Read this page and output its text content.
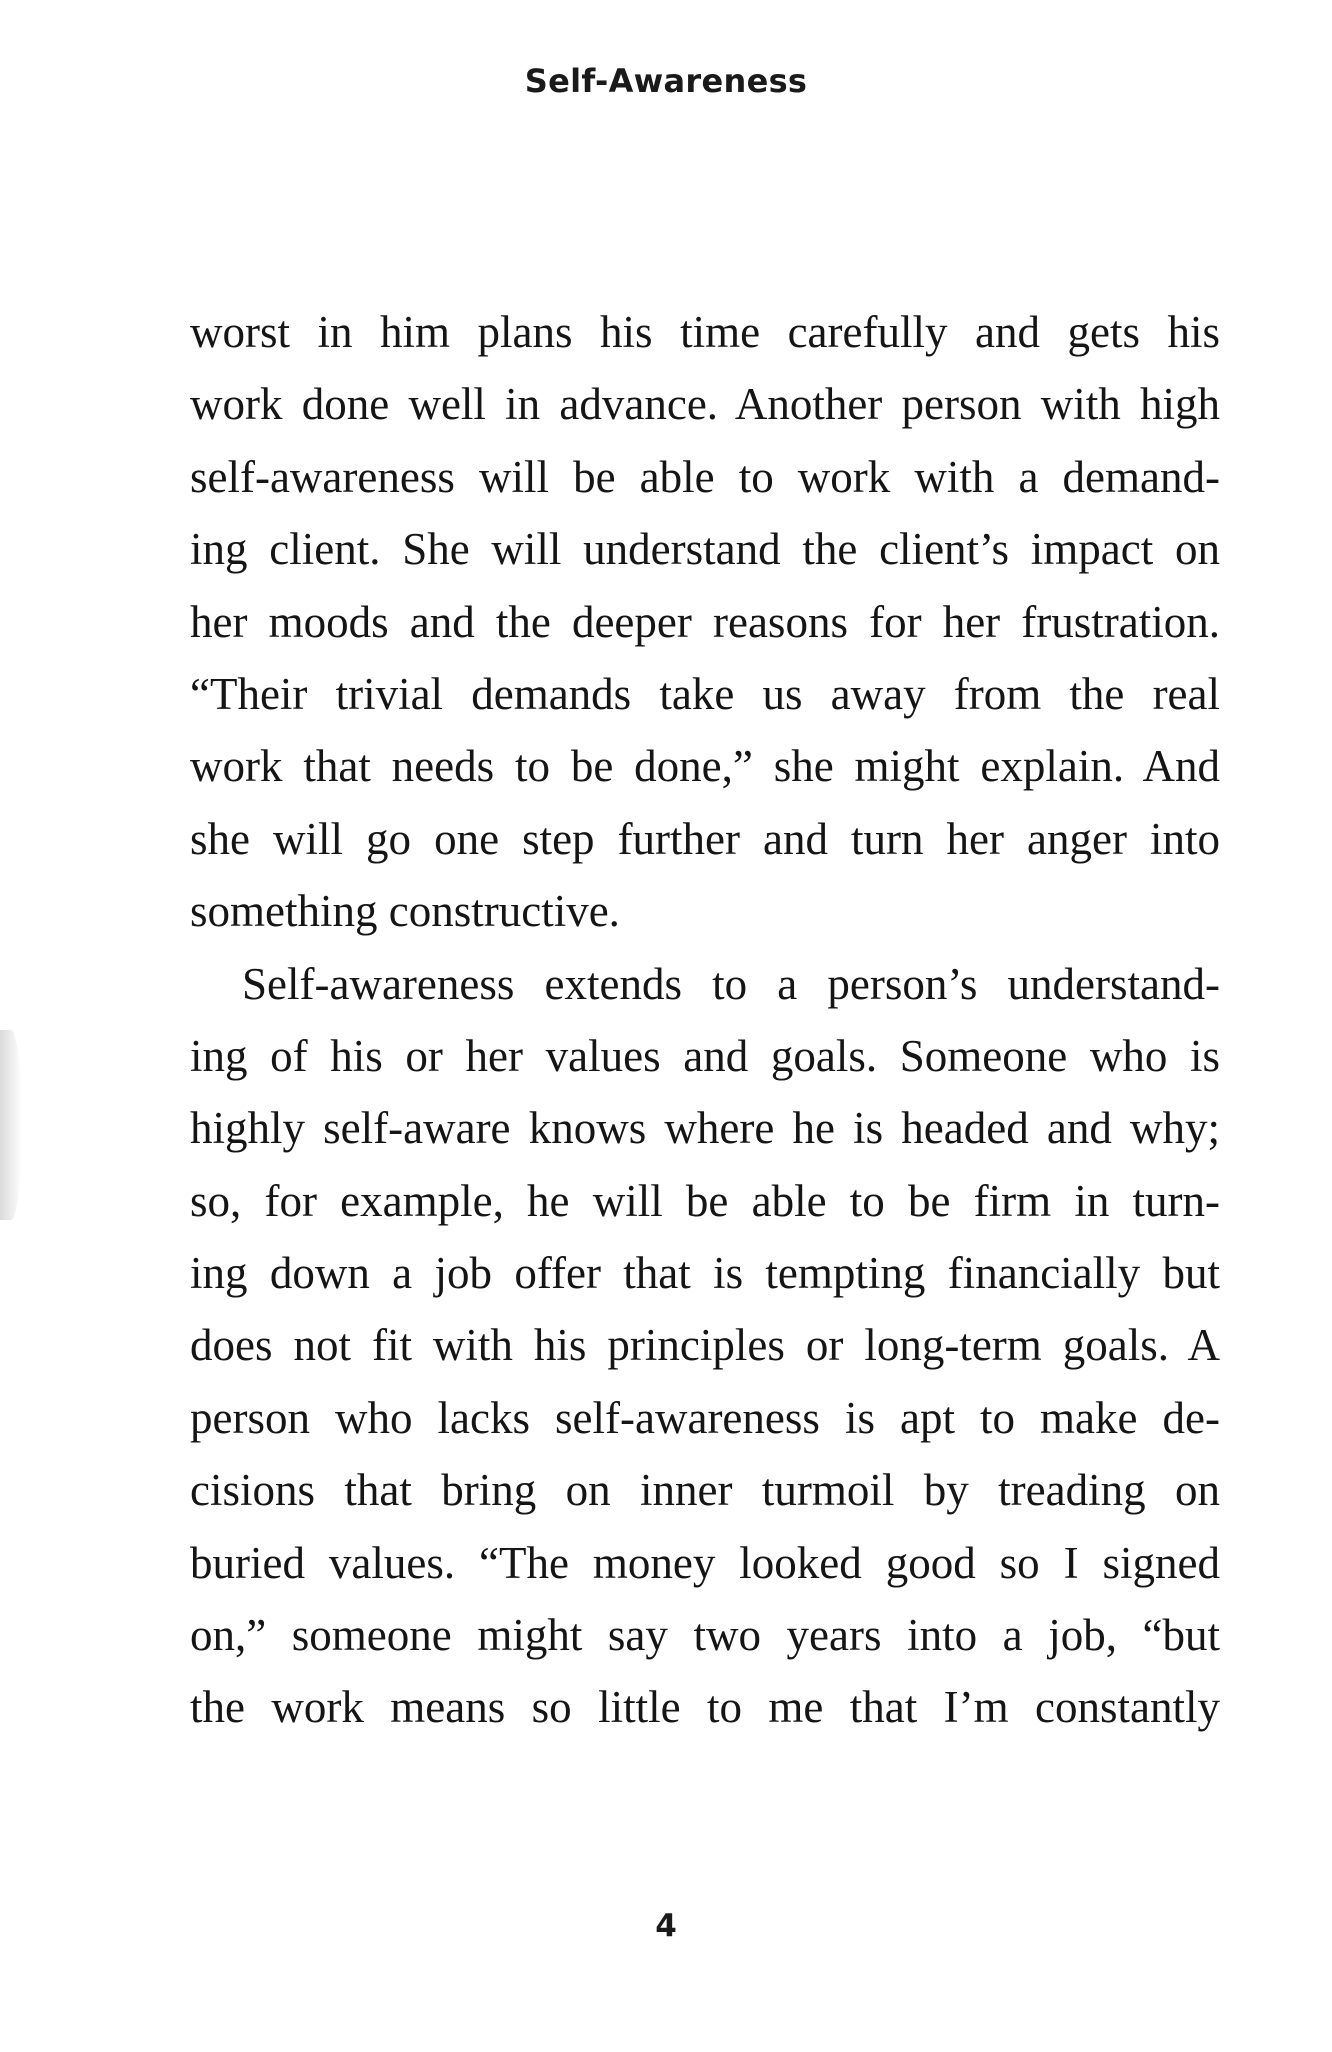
Self-Awareness
worst in him plans his time carefully and gets his
work done well in advance. Another person with high
self-awareness will be able to work with a demand-
ing client. She will understand the client’s impact on
her moods and the deeper reasons for her frustration.
“Their trivial demands take us away from the real
work that needs to be done,” she might explain. And
she will go one step further and turn her anger into
something constructive.
Self-awareness extends to a person’s understand-
ing of his or her values and goals. Someone who is
highly self-aware knows where he is headed and why;
so, for example, he will be able to be firm in turn-
ing down a job offer that is tempting financially but
does not fit with his principles or long-term goals. A
person who lacks self-awareness is apt to make de-
cisions that bring on inner turmoil by treading on
buried values. “The money looked good so I signed
on,” someone might say two years into a job, “but
the work means so little to me that I’m constantly
4
